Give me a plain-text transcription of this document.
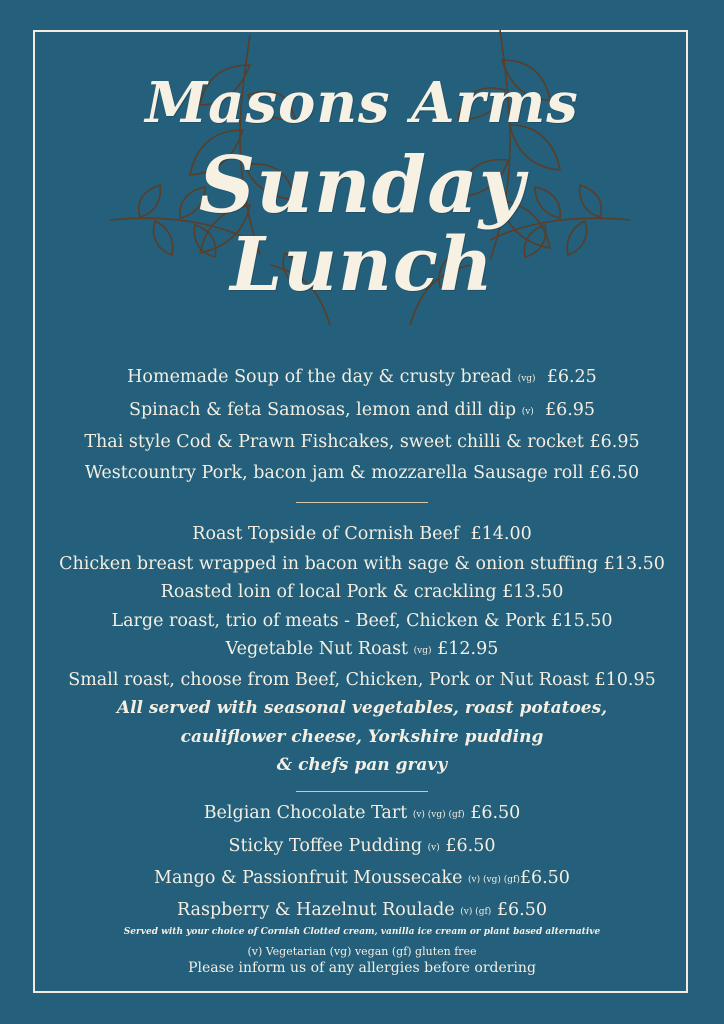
Masons Arms
Sunday
Lunch
Homemade Soup of the day & crusty bread (vg) £6.25
Spinach & feta Samosas, lemon and dill dip (v) £6.95
Thai style Cod & Prawn Fishcakes, sweet chilli & rocket £6.95
Westcountry Pork, bacon jam & mozzarella Sausage roll £6.50
Roast Topside of Cornish Beef £14.00
Chicken breast wrapped in bacon with sage & onion stuffing £13.50
Roasted loin of local Pork & crackling £13.50
Large roast, trio of meats - Beef, Chicken & Pork £15.50
Vegetable Nut Roast (vg) £12.95
Small roast, choose from Beef, Chicken, Pork or Nut Roast £10.95
All served with seasonal vegetables, roast potatoes,
cauliflower cheese, Yorkshire pudding
& chefs pan gravy
Belgian Chocolate Tart (v) (vg) (gf) £6.50
Sticky Toffee Pudding (v) £6.50
Mango & Passionfruit Moussecake (v) (vg) (gf)£6.50
Raspberry & Hazelnut Roulade (v) (gf) £6.50
Served with your choice of Cornish Clotted cream, vanilla ice cream or plant based alternative
(v) Vegetarian (vg) vegan (gf) gluten free
Please inform us of any allergies before ordering
